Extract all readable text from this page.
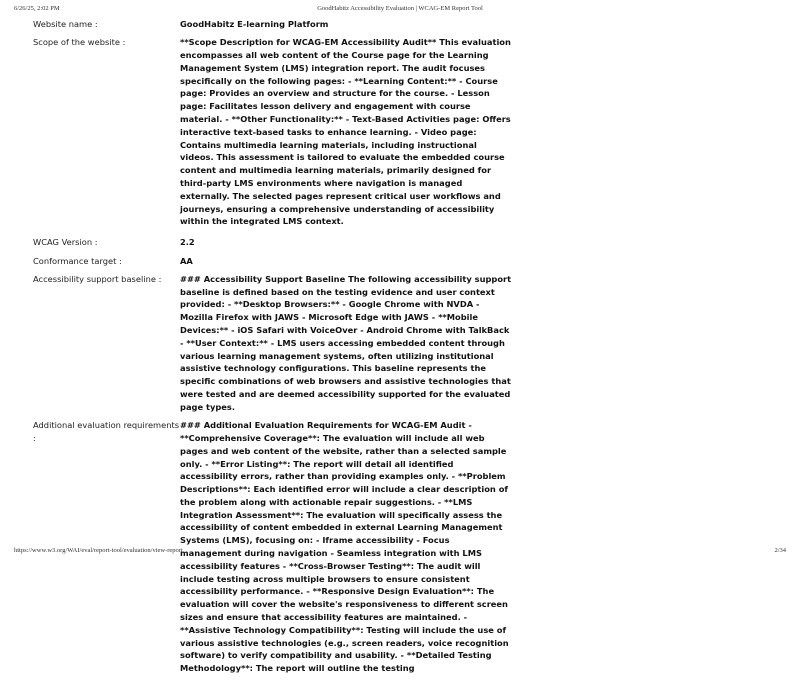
6/26/25, 2:02 PM	GoodHabitz Accessibility Evaluation | WCAG-EM Report Tool
Website name :	GoodHabitz E-learning Platform
Scope of the website :	**Scope Description for WCAG-EM Accessibility Audit** This evaluation encompasses all web content of the Course page for the Learning Management System (LMS) integration report. The audit focuses specifically on the following pages: - **Learning Content:** - Course page: Provides an overview and structure for the course. - Lesson page: Facilitates lesson delivery and engagement with course material. - **Other Functionality:** - Text-Based Activities page: Offers interactive text-based tasks to enhance learning. - Video page: Contains multimedia learning materials, including instructional videos. This assessment is tailored to evaluate the embedded course content and multimedia learning materials, primarily designed for third-party LMS environments where navigation is managed externally. The selected pages represent critical user workflows and journeys, ensuring a comprehensive understanding of accessibility within the integrated LMS context.
WCAG Version :	2.2
Conformance target :	AA
Accessibility support baseline :	### Accessibility Support Baseline The following accessibility support baseline is defined based on the testing evidence and user context provided: - **Desktop Browsers:** - Google Chrome with NVDA - Mozilla Firefox with JAWS - Microsoft Edge with JAWS - **Mobile Devices:** - iOS Safari with VoiceOver - Android Chrome with TalkBack - **User Context:** - LMS users accessing embedded content through various learning management systems, often utilizing institutional assistive technology configurations. This baseline represents the specific combinations of web browsers and assistive technologies that were tested and are deemed accessibility supported for the evaluated page types.
Additional evaluation requirements :
### Additional Evaluation Requirements for WCAG-EM Audit - **Comprehensive Coverage**: The evaluation will include all web pages and web content of the website, rather than a selected sample only. - **Error Listing**: The report will detail all identified accessibility errors, rather than providing examples only. - **Problem Descriptions**: Each identified error will include a clear description of the problem along with actionable repair suggestions. - **LMS Integration Assessment**: The evaluation will specifically assess the accessibility of content embedded in external Learning Management Systems (LMS), focusing on: - Iframe accessibility - Focus management during navigation - Seamless integration with LMS accessibility features - **Cross-Browser Testing**: The audit will include testing across multiple browsers to ensure consistent accessibility performance. - **Responsive Design Evaluation**: The evaluation will cover the website's responsiveness to different screen sizes and ensure that accessibility features are maintained. - **Assistive Technology Compatibility**: Testing will include the use of various assistive technologies (e.g., screen readers, voice recognition software) to verify compatibility and usability. - **Detailed Testing Methodology**: The report will outline the testing
https://www.w3.org/WAI/eval/report-tool/evaluation/view-report	2/34
